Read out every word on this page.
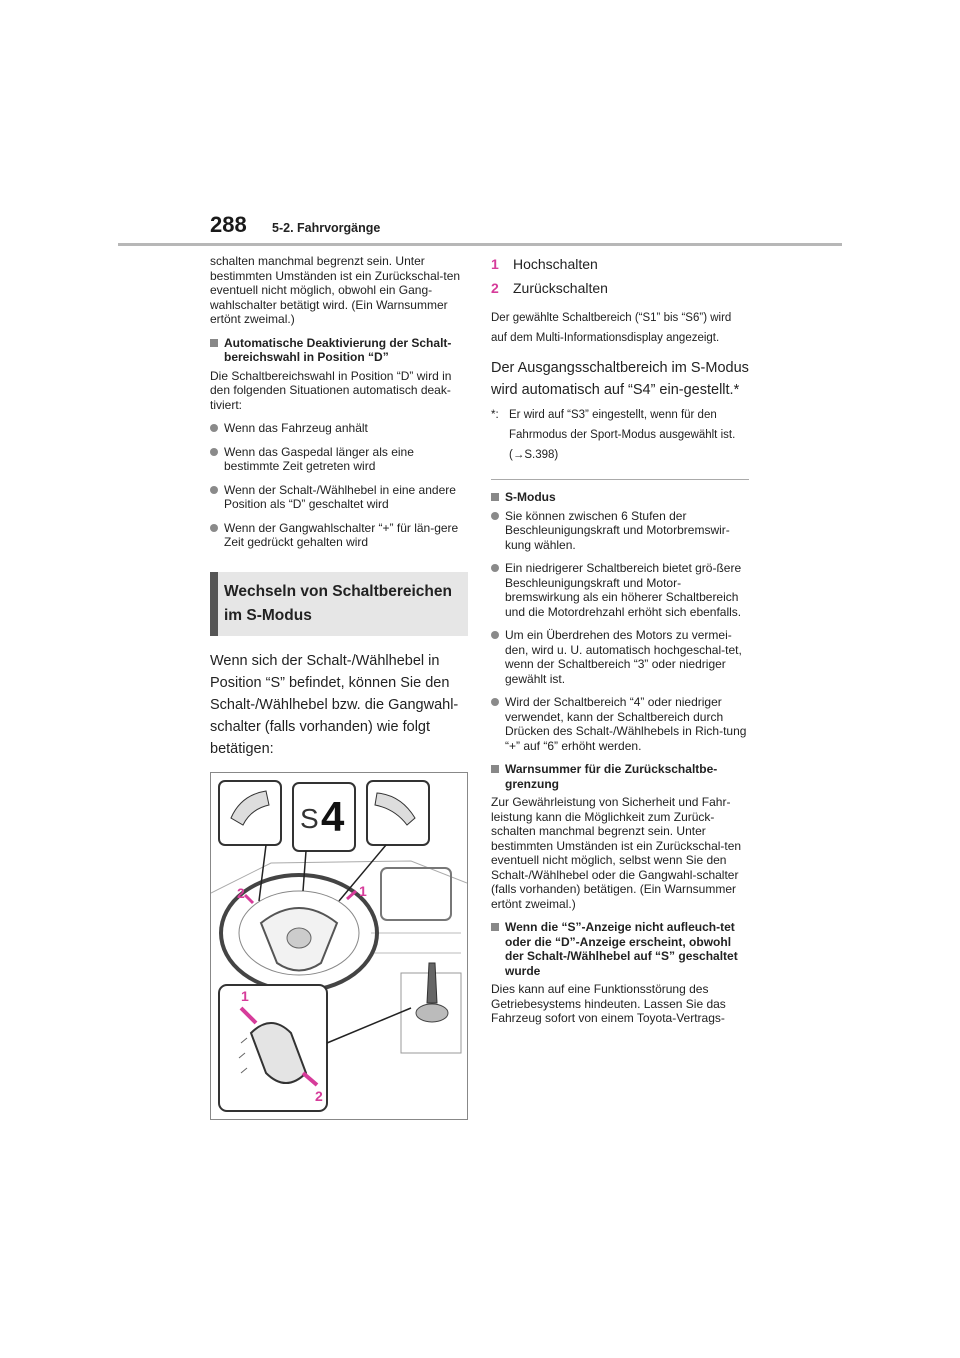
288 5-2. Fahrvorgänge

schalten manchmal begrenzt sein. Unter bestimmten Umständen ist ein Zurückschal-ten eventuell nicht möglich, obwohl ein Gang-wahlschalter betätigt wird. (Ein Warnsummer ertönt zweimal.)

Automatische Deaktivierung der Schalt-bereichswahl in Position “D”

Die Schaltbereichswahl in Position “D” wird in den folgenden Situationen automatisch deak-tiviert:

Wenn das Fahrzeug anhält
Wenn das Gaspedal länger als eine bestimmte Zeit getreten wird
Wenn der Schalt-/Wählhebel in eine andere Position als “D” geschaltet wird
Wenn der Gangwahlschalter “+” für län-gere Zeit gedrückt gehalten wird
Wechseln von Schaltbereichen im S-Modus

Wenn sich der Schalt-/Wählhebel in Position “S” befindet, können Sie den Schalt-/Wählhebel bzw. die Gangwahl-schalter (falls vorhanden) wie folgt betätigen:

S 4
2	1
1
2
1	Hochschalten
2	Zurückschalten

Der gewählte Schaltbereich (“S1” bis “S6”) wird auf dem Multi-Informationsdisplay angezeigt.

Der Ausgangsschaltbereich im S-Modus wird automatisch auf “S4” ein-gestellt.*

*: Er wird auf “S3” eingestellt, wenn für den Fahrmodus der Sport-Modus ausgewählt ist. (→S.398)
S-Modus
Sie können zwischen 6 Stufen der Beschleunigungskraft und Motorbremswir-kung wählen.
Ein niedrigerer Schaltbereich bietet grö-ßere Beschleunigungskraft und Motor-bremswirkung als ein höherer Schaltbereich und die Motordrehzahl erhöht sich ebenfalls.
Um ein Überdrehen des Motors zu vermei-den, wird u. U. automatisch hochgeschal-tet, wenn der Schaltbereich “3” oder niedriger gewählt ist.
Wird der Schaltbereich “4” oder niedriger verwendet, kann der Schaltbereich durch Drücken des Schalt-/Wählhebels in Rich-tung “+” auf “6” erhöht werden.
Warnsummer für die Zurückschaltbe-grenzung

Zur Gewährleistung von Sicherheit und Fahr-leistung kann die Möglichkeit zum Zurück-schalten manchmal begrenzt sein. Unter bestimmten Umständen ist ein Zurückschal-ten eventuell nicht möglich, selbst wenn Sie den Schalt-/Wählhebel oder die Gangwahl-schalter (falls vorhanden) betätigen. (Ein Warnsummer ertönt zweimal.)

Wenn die “S”-Anzeige nicht aufleuch-tet oder die “D”-Anzeige erscheint, obwohl der Schalt-/Wählhebel auf “S” geschaltet wurde

Dies kann auf eine Funktionsstörung des Getriebesystems hindeuten. Lassen Sie das Fahrzeug sofort von einem Toyota-Vertrags-
